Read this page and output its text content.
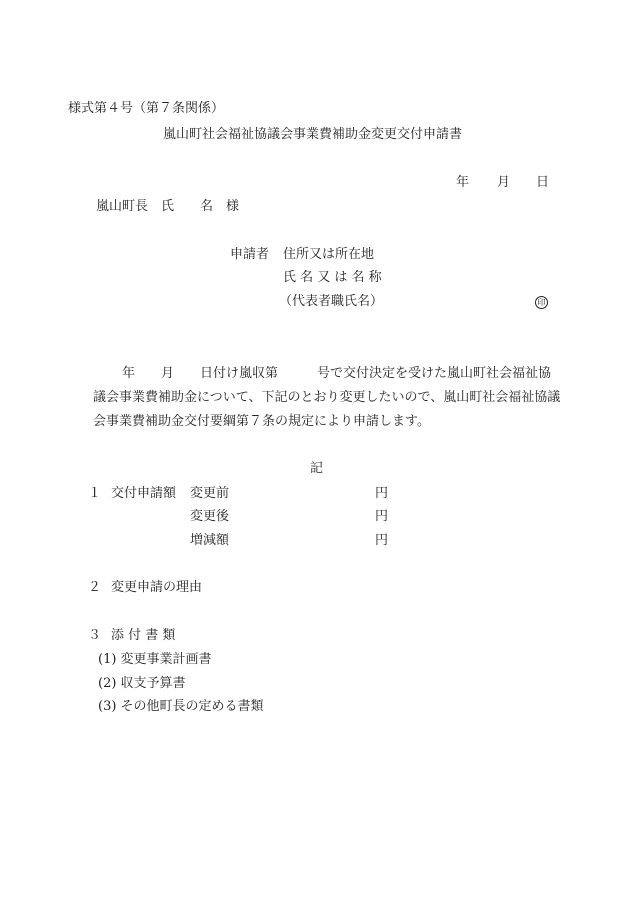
様式第４号（第７条関係）
嵐山町社会福祉協議会事業費補助金変更交付申請書
年 月 日
嵐山町長　氏　　名　様
申請者 住所又は所在地
氏 名 又 は 名 称
（代表者職氏名）	印
年　　月　　日付け嵐収第　　　号で交付決定を受けた嵐山町社会福祉協
議会事業費補助金について、下記のとおり変更したいので、嵐山町社会福祉協議
会事業費補助金交付要綱第７条の規定により申請します。
記
１ 交付申請額 変更前	円
変更後	円
増減額	円
２ 変更申請の理由
３ 添 付 書 類
(1) 変更事業計画書
(2) 収支予算書
(3) その他町長の定める書類
